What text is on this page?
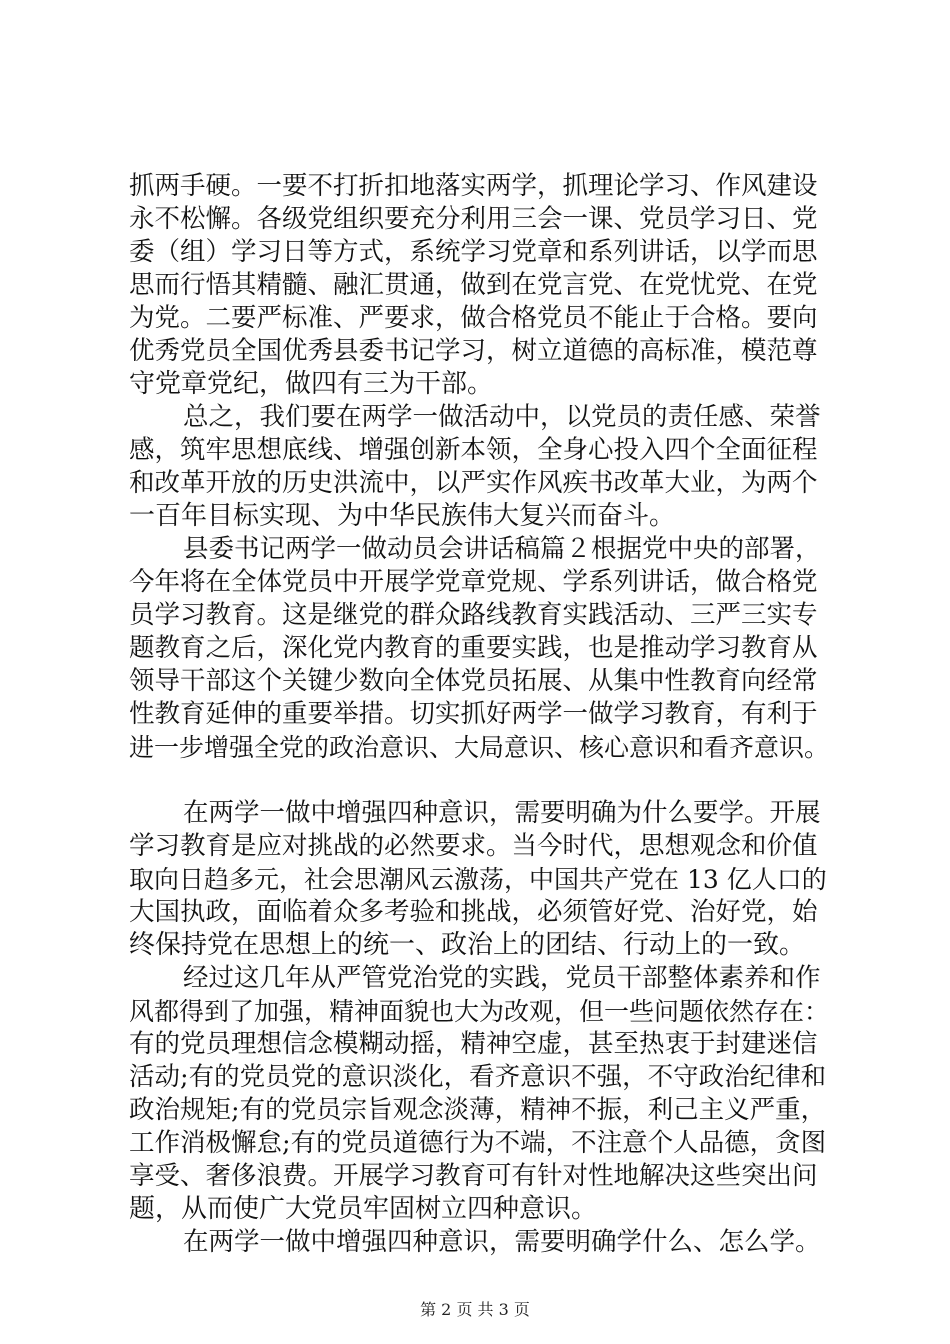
抓两手硬。一要不打折扣地落实两学，抓理论学习、作风建设
永不松懈。各级党组织要充分利用三会一课、党员学习日、党
委（组）学习日等方式，系统学习党章和系列讲话，以学而思
思而行悟其精髓、融汇贯通，做到在党言党、在党忧党、在党
为党。二要严标准、严要求，做合格党员不能止于合格。要向
优秀党员全国优秀县委书记学习，树立道德的高标准，模范尊
守党章党纪，做四有三为干部。
总之，我们要在两学一做活动中，以党员的责任感、荣誉
感，筑牢思想底线、增强创新本领，全身心投入四个全面征程
和改革开放的历史洪流中，以严实作风疾书改革大业，为两个
一百年目标实现、为中华民族伟大复兴而奋斗。
县委书记两学一做动员会讲话稿篇２根据党中央的部署，
今年将在全体党员中开展学党章党规、学系列讲话，做合格党
员学习教育。这是继党的群众路线教育实践活动、三严三实专
题教育之后，深化党内教育的重要实践，也是推动学习教育从
领导干部这个关键少数向全体党员拓展、从集中性教育向经常
性教育延伸的重要举措。切实抓好两学一做学习教育，有利于
进一步增强全党的政治意识、大局意识、核心意识和看齐意识。
在两学一做中增强四种意识，需要明确为什么要学。开展
学习教育是应对挑战的必然要求。当今时代，思想观念和价值
取向日趋多元，社会思潮风云激荡，中国共产党在 13 亿人口的
大国执政，面临着众多考验和挑战，必须管好党、治好党，始
终保持党在思想上的统一、政治上的团结、行动上的一致。
经过这几年从严管党治党的实践，党员干部整体素养和作
风都得到了加强，精神面貌也大为改观，但一些问题依然存在：
有的党员理想信念模糊动摇，精神空虚，甚至热衷于封建迷信
活动;有的党员党的意识淡化，看齐意识不强，不守政治纪律和
政治规矩;有的党员宗旨观念淡薄，精神不振，利己主义严重，
工作消极懈怠;有的党员道德行为不端，不注意个人品德，贪图
享受、奢侈浪费。开展学习教育可有针对性地解决这些突出问
题，从而使广大党员牢固树立四种意识。
在两学一做中增强四种意识，需要明确学什么、怎么学。
第 2 页 共 3 页
